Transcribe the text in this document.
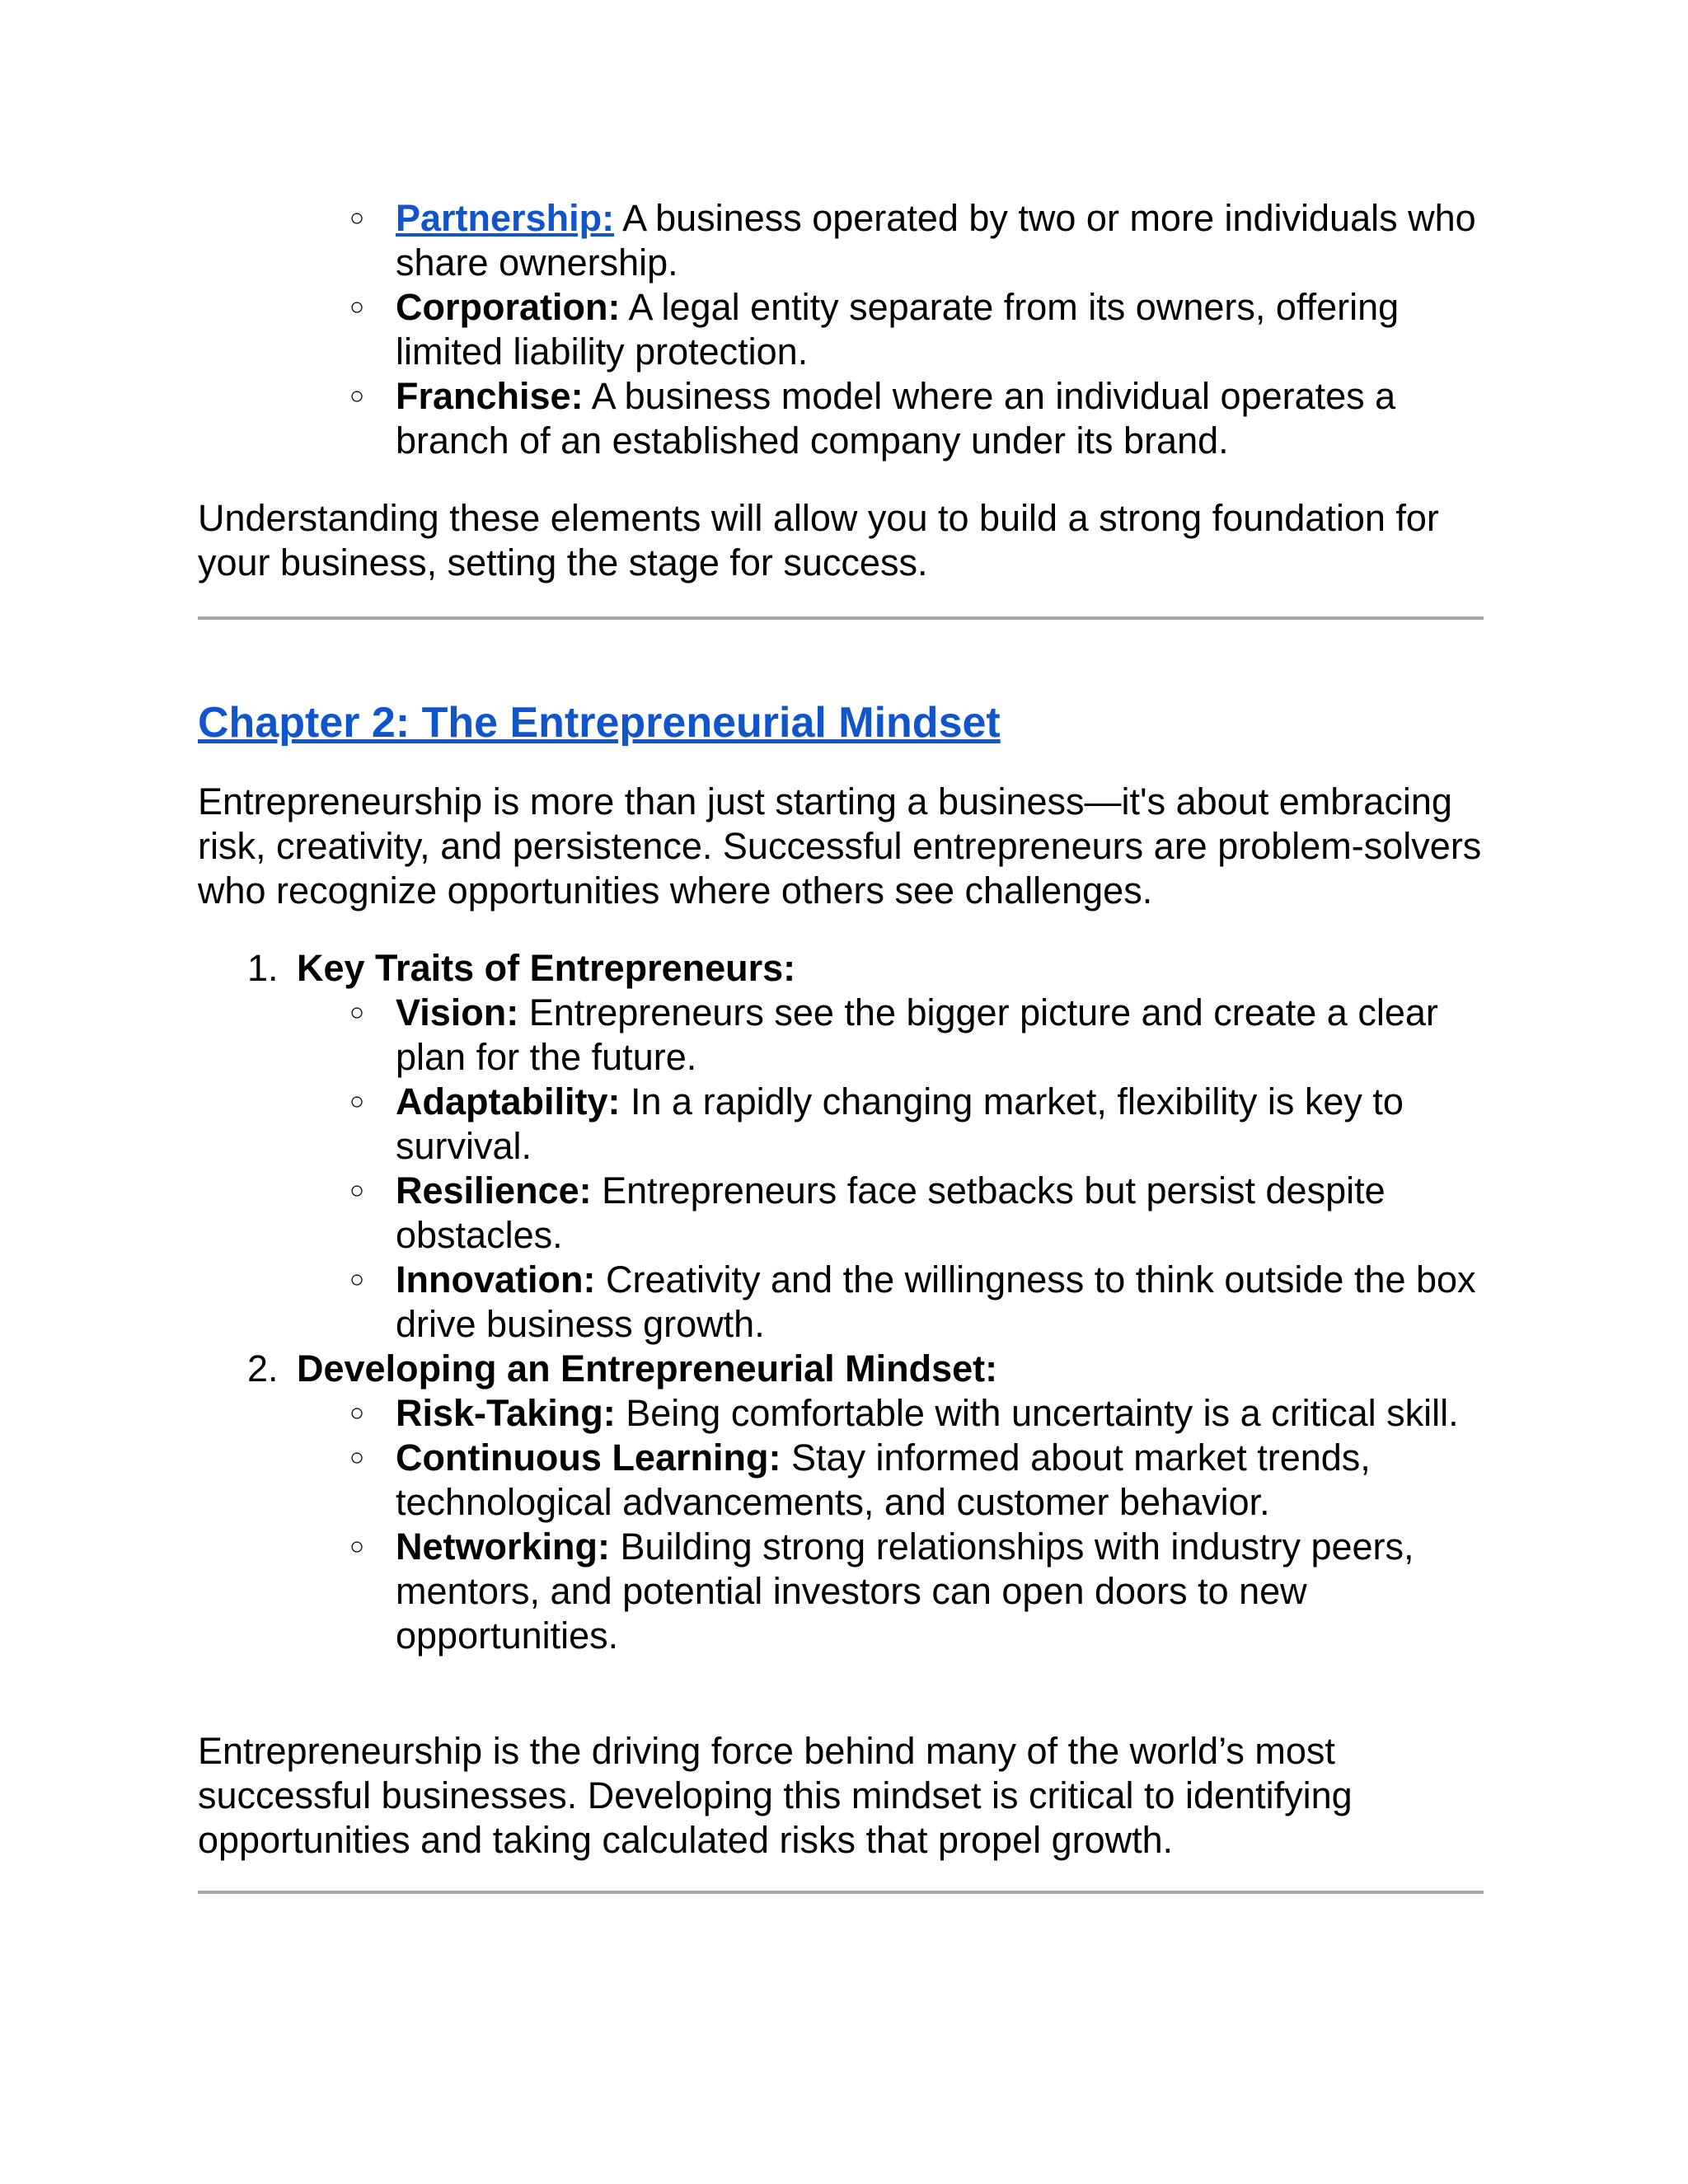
○ Partnership: A business operated by two or more individuals who share ownership.
○ Corporation: A legal entity separate from its owners, offering limited liability protection.
○ Franchise: A business model where an individual operates a branch of an established company under its brand.

Understanding these elements will allow you to build a strong foundation for your business, setting the stage for success.

Chapter 2: The Entrepreneurial Mindset

Entrepreneurship is more than just starting a business—it's about embracing risk, creativity, and persistence. Successful entrepreneurs are problem-solvers who recognize opportunities where others see challenges.

1. Key Traits of Entrepreneurs:
○ Vision: Entrepreneurs see the bigger picture and create a clear plan for the future.
○ Adaptability: In a rapidly changing market, flexibility is key to survival.
○ Resilience: Entrepreneurs face setbacks but persist despite obstacles.
○ Innovation: Creativity and the willingness to think outside the box drive business growth.
2. Developing an Entrepreneurial Mindset:
○ Risk-Taking: Being comfortable with uncertainty is a critical skill.
○ Continuous Learning: Stay informed about market trends, technological advancements, and customer behavior.
○ Networking: Building strong relationships with industry peers, mentors, and potential investors can open doors to new opportunities.

Entrepreneurship is the driving force behind many of the world’s most successful businesses. Developing this mindset is critical to identifying opportunities and taking calculated risks that propel growth.
